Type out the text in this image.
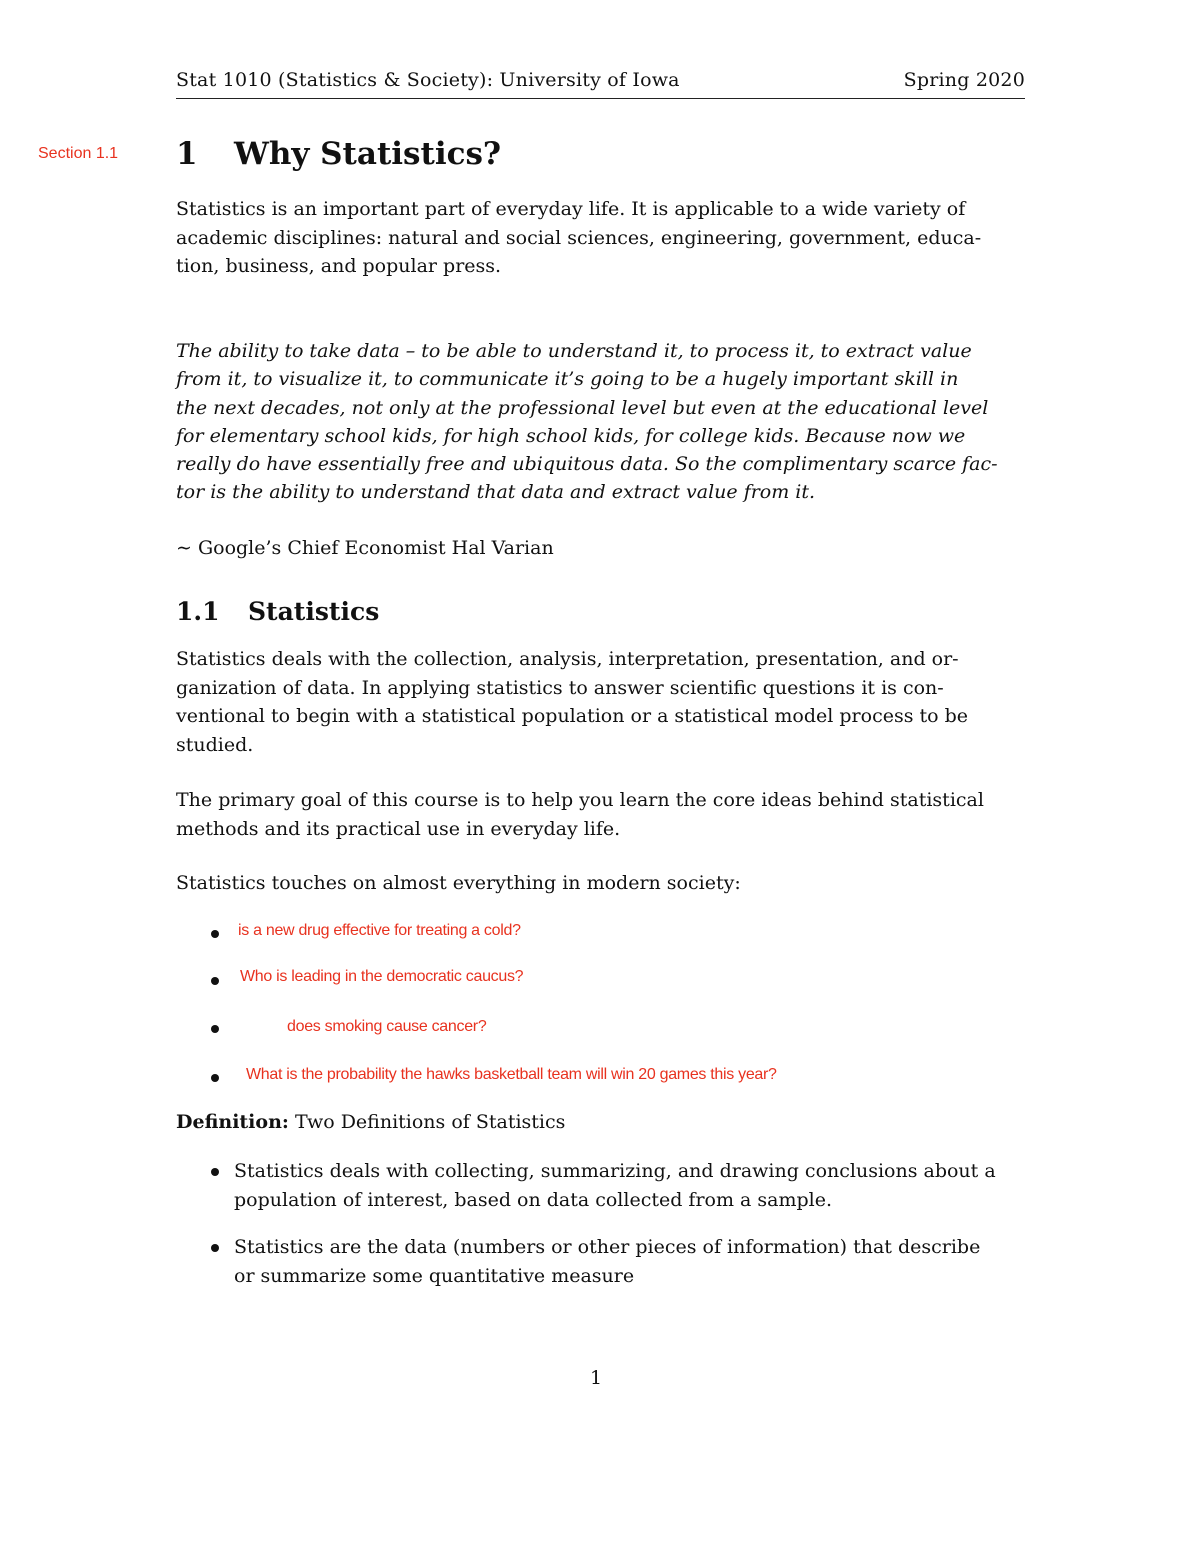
Stat 1010 (Statistics & Society): University of Iowa	Spring 2020
Section 1.1 1 Why Statistics?

Statistics is an important part of everyday life. It is applicable to a wide variety of
academic disciplines: natural and social sciences, engineering, government, educa-
tion, business, and popular press.

The ability to take data – to be able to understand it, to process it, to extract value
from it, to visualize it, to communicate it’s going to be a hugely important skill in
the next decades, not only at the professional level but even at the educational level
for elementary school kids, for high school kids, for college kids. Because now we
really do have essentially free and ubiquitous data. So the complimentary scarce fac-
tor is the ability to understand that data and extract value from it.

∼ Google’s Chief Economist Hal Varian

1.1 Statistics

Statistics deals with the collection, analysis, interpretation, presentation, and or-
ganization of data. In applying statistics to answer scientific questions it is con-
ventional to begin with a statistical population or a statistical model process to be
studied.

The primary goal of this course is to help you learn the core ideas behind statistical
methods and its practical use in everyday life.

Statistics touches on almost everything in modern society:

is a new drug effective for treating a cold?
Who is leading in the democratic caucus?
does smoking cause cancer?
What is the probability the hawks basketball team will win 20 games this year?
Definition: Two Definitions of Statistics
Statistics deals with collecting, summarizing, and drawing conclusions about a
population of interest, based on data collected from a sample.
Statistics are the data (numbers or other pieces of information) that describe
or summarize some quantitative measure
1
